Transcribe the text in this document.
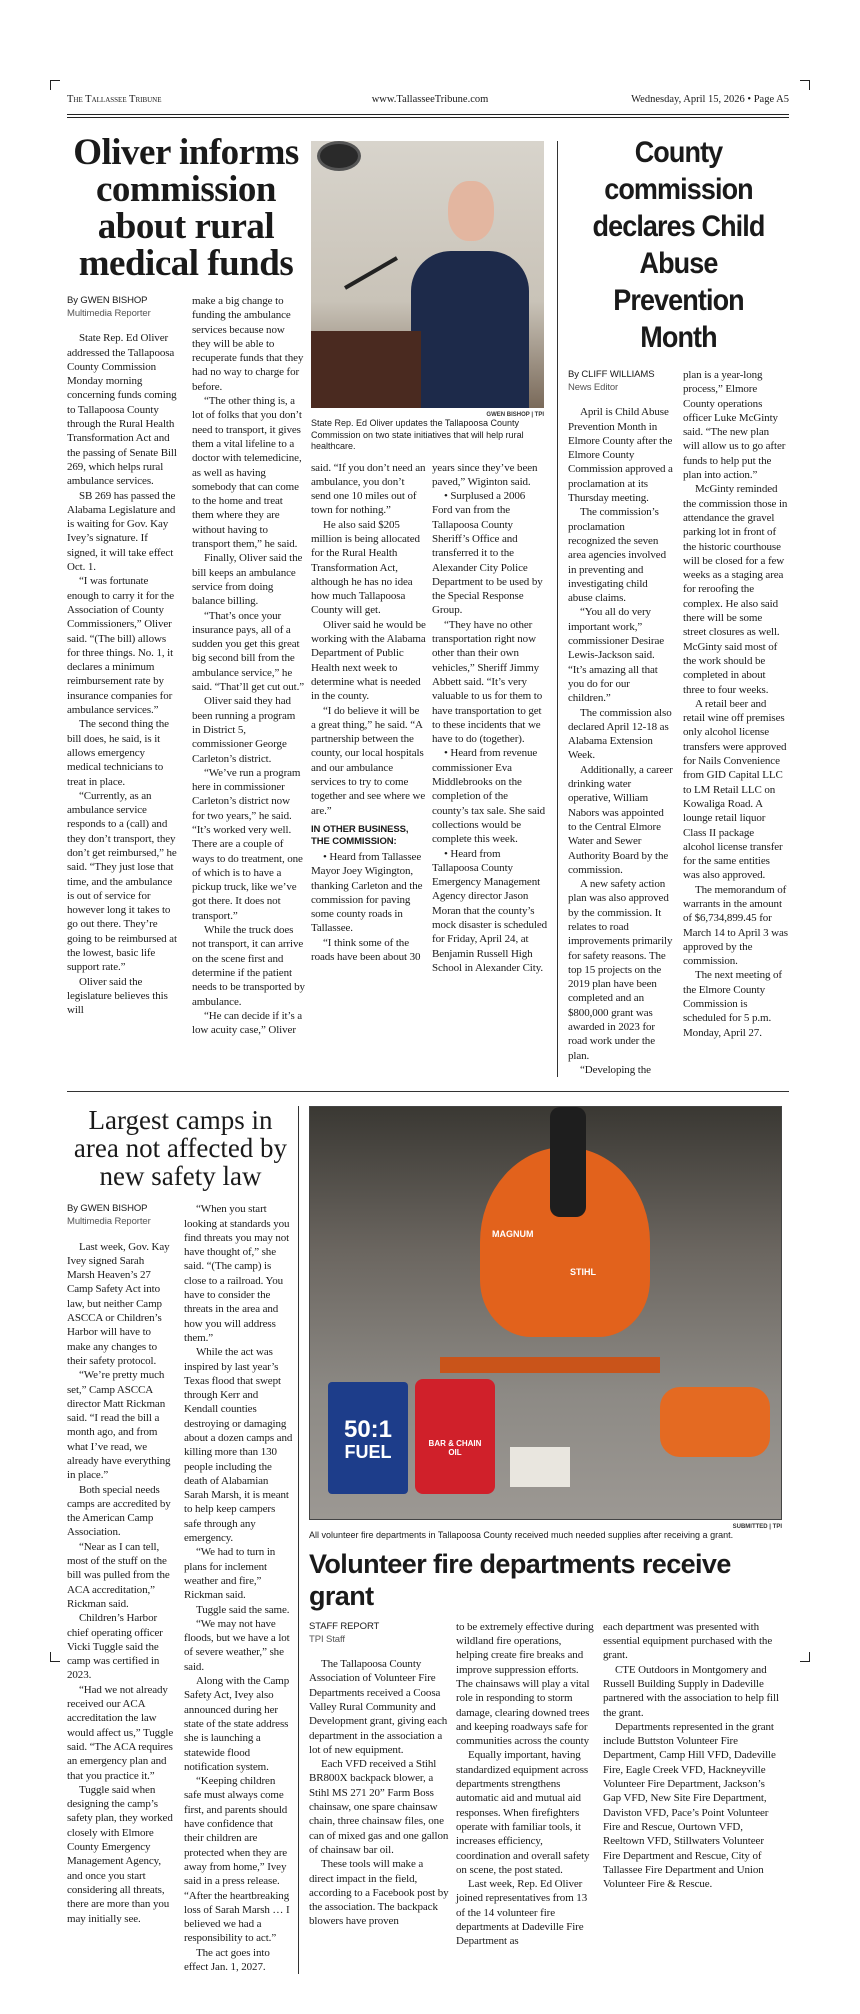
The Tallassee Tribune	www.TallasseeTribune.com	Wednesday, April 15, 2026 • Page A5
Oliver informs commission about rural medical funds
By GWEN BISHOP
Multimedia Reporter

State Rep. Ed Oliver addressed the Tallapoosa County Commission Monday morning concerning funds coming to Tallapoosa County through the Rural Health Transformation Act and the passing of Senate Bill 269, which helps rural ambulance services.

SB 269 has passed the Alabama Legislature and is waiting for Gov. Kay Ivey’s signature. If signed, it will take effect Oct. 1.

“I was fortunate enough to carry it for the Association of County Commissioners,” Oliver said. “(The bill) allows for three things. No. 1, it declares a minimum reimbursement rate by insurance companies for ambulance services.”

The second thing the bill does, he said, is it allows emergency medical technicians to treat in place.

“Currently, as an ambulance service responds to a (call) and they don’t transport, they don’t get reimbursed,” he said. “They just lose that time, and the ambulance is out of service for however long it takes to go out there. They’re going to be reimbursed at the lowest, basic life support rate.”

Oliver said the legislature believes this will

make a big change to funding the ambulance services because now they will be able to recuperate funds that they had no way to charge for before.

“The other thing is, a lot of folks that you don’t need to transport, it gives them a vital lifeline to a doctor with telemedicine, as well as having somebody that can come to the home and treat them where they are without having to transport them,” he said.

Finally, Oliver said the bill keeps an ambulance service from doing balance billing.

“That’s once your insurance pays, all of a sudden you get this great big second bill from the ambulance service,” he said. “That’ll get cut out.”

Oliver said they had been running a program in District 5, commissioner George Carleton’s district.

“We’ve run a program here in commissioner Carleton’s district now for two years,” he said. “It’s worked very well. There are a couple of ways to do treatment, one of which is to have a pickup truck, like we’ve got there. It does not transport.”

While the truck does not transport, it can arrive on the scene first and determine if the patient needs to be transported by ambulance.

“He can decide if it’s a low acuity case,” Oliver

GWEN BISHOP | TPI
State Rep. Ed Oliver updates the Tallapoosa County Commission on two state initiatives that will help rural healthcare.

said. “If you don’t need an ambulance, you don’t send one 10 miles out of town for nothing.”

He also said $205 million is being allocated for the Rural Health Transformation Act, although he has no idea how much Tallapoosa County will get.

Oliver said he would be working with the Alabama Department of Public Health next week to determine what is needed in the county.

“I do believe it will be a great thing,” he said. “A partnership between the county, our local hospitals and our ambulance services to try to come together and see where we are.”

IN OTHER BUSINESS, THE COMMISSION:

• Heard from Tallassee Mayor Joey Wigington, thanking Carleton and the commission for paving some county roads in Tallassee.

“I think some of the roads have been about 30

years since they’ve been paved,” Wiginton said.

• Surplused a 2006 Ford van from the Tallapoosa County Sheriff’s Office and transferred it to the Alexander City Police Department to be used by the Special Response Group.

“They have no other transportation right now other than their own vehicles,” Sheriff Jimmy Abbett said. “It’s very valuable to us for them to have transportation to get to these incidents that we have to do (together).

• Heard from revenue commissioner Eva Middlebrooks on the completion of the county’s tax sale. She said collections would be complete this week.

• Heard from Tallapoosa County Emergency Management Agency director Jason Moran that the county’s mock disaster is scheduled for Friday, April 24, at Benjamin Russell High School in Alexander City.

County commission declares Child Abuse Prevention Month
By CLIFF WILLIAMS
News Editor

April is Child Abuse Prevention Month in Elmore County after the Elmore County Commission approved a proclamation at its Thursday meeting.

The commission’s proclamation recognized the seven area agencies involved in preventing and investigating child abuse claims.

“You all do very important work,” commissioner Desirae Lewis-Jackson said. “It’s amazing all that you do for our children.”

The commission also declared April 12-18 as Alabama Extension Week.

Additionally, a career drinking water operative, William Nabors was appointed to the Central Elmore Water and Sewer Authority Board by the commission.

A new safety action plan was also approved by the commission. It relates to road improvements primarily for safety reasons. The top 15 projects on the 2019 plan have been completed and an $800,000 grant was awarded in 2023 for road work under the plan.

“Developing the

plan is a year-long process,” Elmore County operations officer Luke McGinty said. “The new plan will allow us to go after funds to help put the plan into action.”

McGinty reminded the commission those in attendance the gravel parking lot in front of the historic courthouse will be closed for a few weeks as a staging area for reroofing the complex. He also said there will be some street closures as well. McGinty said most of the work should be completed in about three to four weeks.

A retail beer and retail wine off premises only alcohol license transfers were approved for Nails Convenience from GID Capital LLC to LM Retail LLC on Kowaliga Road. A lounge retail liquor Class II package alcohol license transfer for the same entities was also approved.

The memorandum of warrants in the amount of $6,734,899.45 for March 14 to April 3 was approved by the commission.

The next meeting of the Elmore County Commission is scheduled for 5 p.m. Monday, April 27.

Largest camps in area not affected by new safety law
By GWEN BISHOP
Multimedia Reporter

Last week, Gov. Kay Ivey signed Sarah Marsh Heaven’s 27 Camp Safety Act into law, but neither Camp ASCCA or Children’s Harbor will have to make any changes to their safety protocol.

“We’re pretty much set,” Camp ASCCA director Matt Rickman said. “I read the bill a month ago, and from what I’ve read, we already have everything in place.”

Both special needs camps are accredited by the American Camp Association.

“Near as I can tell, most of the stuff on the bill was pulled from the ACA accreditation,” Rickman said.

Children’s Harbor chief operating officer Vicki Tuggle said the camp was certified in 2023.

“Had we not already received our ACA accreditation the law would affect us,” Tuggle said. “The ACA requires an emergency plan and that you practice it.”

Tuggle said when designing the camp’s safety plan, they worked closely with Elmore County Emergency Management Agency, and once you start considering all threats, there are more than you may initially see.

“When you start looking at standards you find threats you may not have thought of,” she said. “(The camp) is close to a railroad. You have to consider the threats in the area and how you will address them.”

While the act was inspired by last year’s Texas flood that swept through Kerr and Kendall counties destroying or damaging about a dozen camps and killing more than 130 people including the death of Alabamian Sarah Marsh, it is meant to help keep campers safe through any emergency.

“We had to turn in plans for inclement weather and fire,” Rickman said.

Tuggle said the same.

“We may not have floods, but we have a lot of severe weather,” she said.

Along with the Camp Safety Act, Ivey also announced during her state of the state address she is launching a statewide flood notification system.

“Keeping children safe must always come first, and parents should have confidence that their children are protected when they are away from home,” Ivey said in a press release. “After the heartbreaking loss of Sarah Marsh … I believed we had a responsibility to act.”

The act goes into effect Jan. 1, 2027.

MAGNUM
STIHL
50:1
FUEL	BAR & CHAIN OIL
SUBMITTED | TPI
All volunteer fire departments in Tallapoosa County received much needed supplies after receiving a grant.
Volunteer fire departments receive grant
STAFF REPORT
TPI Staff

The Tallapoosa County Association of Volunteer Fire Departments received a Coosa Valley Rural Community and Development grant, giving each department in the association a lot of new equipment.

Each VFD received a Stihl BR800X backpack blower, a Stihl MS 271 20” Farm Boss chainsaw, one spare chainsaw chain, three chainsaw files, one can of mixed gas and one gallon of chainsaw bar oil.

These tools will make a direct impact in the field, according to a Facebook post by the association. The backpack blowers have proven

to be extremely effective during wildland fire operations, helping create fire breaks and improve suppression efforts. The chainsaws will play a vital role in responding to storm damage, clearing downed trees and keeping roadways safe for communities across the county

Equally important, having standardized equipment across departments strengthens automatic aid and mutual aid responses. When firefighters operate with familiar tools, it increases efficiency, coordination and overall safety on scene, the post stated.

Last week, Rep. Ed Oliver joined representatives from 13 of the 14 volunteer fire departments at Dadeville Fire Department as

each department was presented with essential equipment purchased with the grant.

CTE Outdoors in Montgomery and Russell Building Supply in Dadeville partnered with the association to help fill the grant.

Departments represented in the grant include Buttston Volunteer Fire Department, Camp Hill VFD, Dadeville Fire, Eagle Creek VFD, Hackneyville Volunteer Fire Department, Jackson’s Gap VFD, New Site Fire Department, Daviston VFD, Pace’s Point Volunteer Fire and Rescue, Ourtown VFD, Reeltown VFD, Stillwaters Volunteer Fire Department and Rescue, City of Tallassee Fire Department and Union Volunteer Fire & Rescue.
